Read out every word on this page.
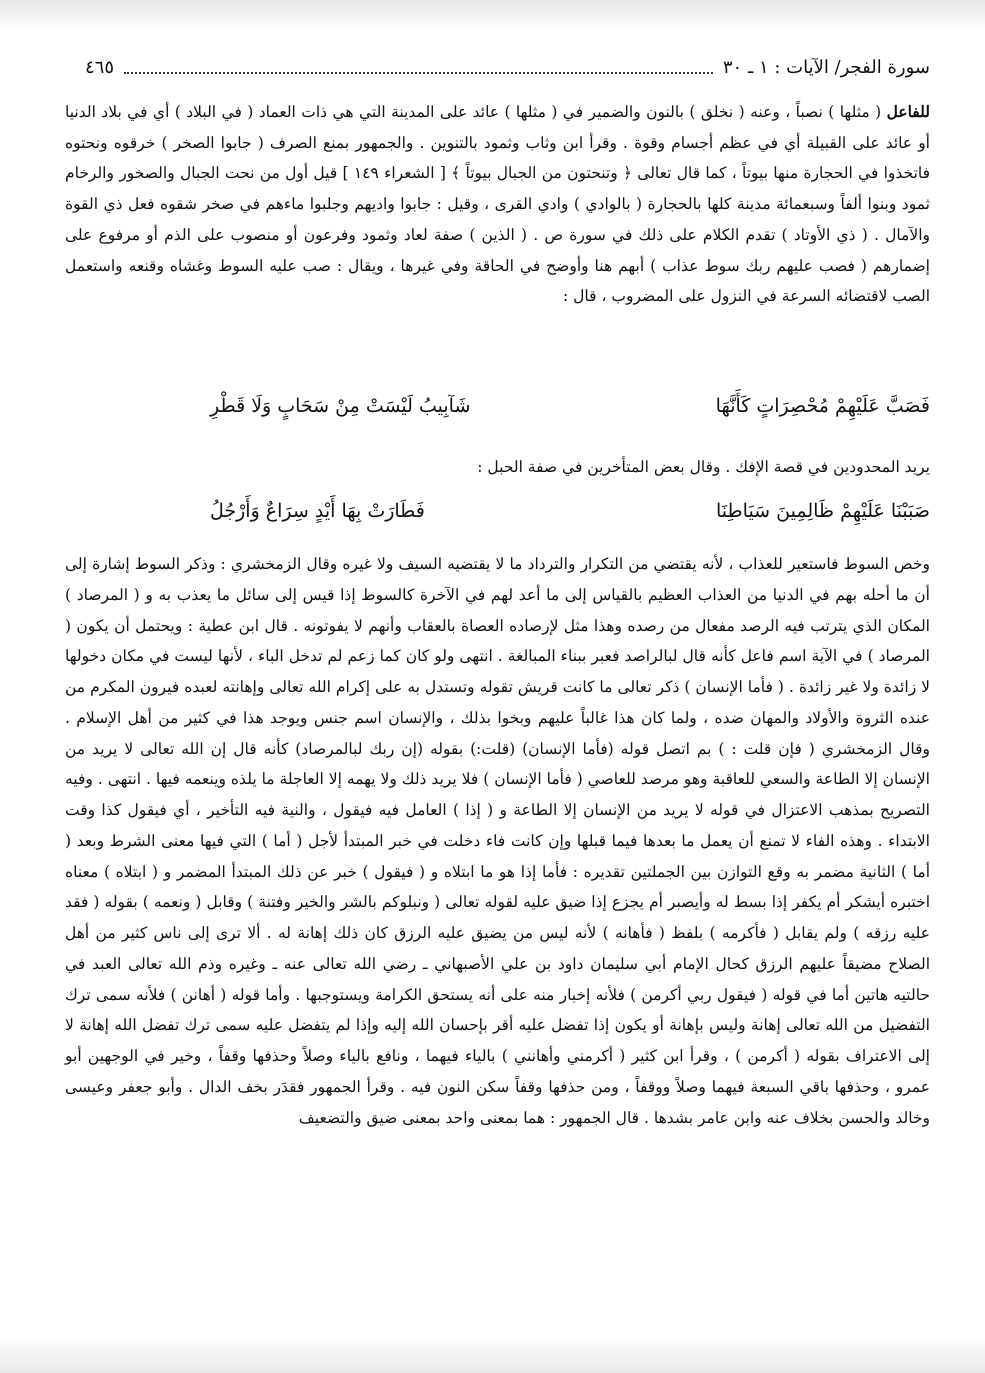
سورة الفجر/ الآيات : ١ ـ ٣٠
٤٦٥

للفاعل ( مثلها ) نصباً ، وعنه ( نخلق ) بالنون والضمير في ( مثلها ) عائد على المدينة التي هي ذات العماد ( في البلاد ) أي في بلاد الدنيا أو عائد على القبيلة أي في عظم أجسام وقوة . وقرأ ابن وثاب وثمود بالتنوين . والجمهور بمنع الصرف ( جابوا الصخر ) خرقوه ونحتوه فاتخذوا في الحجارة منها بيوتاً ، كما قال تعالى ﴿ وتنحتون من الجبال بيوتاً ﴾ [ الشعراء ١٤٩ ] قيل أول من نحت الجبال والصخور والرخام ثمود وبنوا ألفاً وسبعمائة مدينة كلها بالحجارة ( بالوادي ) وادي القرى ، وقيل : جابوا واديهم وجلبوا ماءهم في صخر شقوه فعل ذي القوة والآمال . ( ذي الأوتاد ) تقدم الكلام على ذلك في سورة ص . ( الذين ) صفة لعاد وثمود وفرعون أو منصوب على الذم أو مرفوع على إضمارهم ( فصب عليهم ربك سوط عذاب ) أبهم هنا وأوضح في الحاقة وفي غيرها ، ويقال : صب عليه السوط وغشاه وقنعه واستعمل الصب لاقتضائه السرعة في النزول على المضروب ، قال :

فَصَبَّ عَلَيْهِمْ مُحْصِرَاتٍ كَأَنَّهَا
شَآبِيبُ لَيْسَتْ مِنْ سَحَابٍ وَلَا قَطْرِ
يريد المحدودين في قصة الإفك . وقال بعض المتأخرين في صفة الحبل :
صَبَبْنَا عَلَيْهِمْ ظَالِمِينَ سَيَاطِنَا
فَطَارَتْ بِهَا أَيْدٍ سِرَاعٌ وَأَرْجُلُ

وخص السوط فاستعير للعذاب ، لأنه يقتضي من التكرار والترداد ما لا يقتضيه السيف ولا غيره وقال الزمخشري : وذكر السوط إشارة إلى أن ما أحله بهم في الدنيا من العذاب العظيم بالقياس إلى ما أعد لهم في الآخرة كالسوط إذا قيس إلى سائل ما يعذب به و ( المرصاد ) المكان الذي يترتب فيه الرصد مفعال من رصده وهذا مثل لإرصاده العصاة بالعقاب وأنهم لا يفوتونه . قال ابن عطية : ويحتمل أن يكون ( المرصاد ) في الآية اسم فاعل كأنه قال لبالراصد فعبر ببناء المبالغة . انتهى ولو كان كما زعم لم تدخل الباء ، لأنها ليست في مكان دخولها لا زائدة ولا غير زائدة . ( فأما الإنسان ) ذكر تعالى ما كانت قريش تقوله وتستدل به على إكرام الله تعالى وإهانته لعبده فيرون المكرم من عنده الثروة والأولاد والمهان ضده ، ولما كان هذا غالباً عليهم وبخوا بذلك ، والإنسان اسم جنس ويوجد هذا في كثير من أهل الإسلام . وقال الزمخشري ( فإن قلت : ) بم اتصل قوله (فأما الإنسان) (قلت:) بقوله (إن ربك لبالمرصاد) كأنه قال إن الله تعالى لا يريد من الإنسان إلا الطاعة والسعي للعاقبة وهو مرصد للعاصي ( فأما الإنسان ) فلا يريد ذلك ولا يهمه إلا العاجلة ما يلذه وينعمه فيها . انتهى . وفيه التصريح بمذهب الاعتزال في قوله لا يريد من الإنسان إلا الطاعة و ( إذا ) العامل فيه فيقول ، والنية فيه التأخير ، أي فيقول كذا وقت الابتداء . وهذه الفاء لا تمنع أن يعمل ما بعدها فيما قبلها وإن كانت فاء دخلت في خبر المبتدأ لأجل ( أما ) التي فيها معنى الشرط وبعد ( أما ) الثانية مضمر به وقع التوازن بين الجملتين تقديره : فأما إذا هو ما ابتلاه و ( فيقول ) خبر عن ذلك المبتدأ المضمر و ( ابتلاه ) معناه اختبره أيشكر أم يكفر إذا بسط له وأيصبر أم يجزع إذا ضيق عليه لقوله تعالى ( ونبلوكم بالشر والخير وفتنة ) وقابل ( ونعمه ) بقوله ( فقد عليه رزقه ) ولم يقابل ( فأكرمه ) بلفظ ( فأهانه ) لأنه ليس من يضيق عليه الرزق كان ذلك إهانة له . ألا ترى إلى ناس كثير من أهل الصلاح مضيقاً عليهم الرزق كحال الإمام أبي سليمان داود بن علي الأصبهاني ـ رضي الله تعالى عنه ـ وغيره وذم الله تعالى العبد في حالتيه هاتين أما في قوله ( فيقول ربي أكرمن ) فلأنه إخبار منه على أنه يستحق الكرامة ويستوجبها . وأما قوله ( أهانن ) فلأنه سمى ترك التفضيل من الله تعالى إهانة وليس بإهانة أو يكون إذا تفضل عليه أقر بإحسان الله إليه وإذا لم يتفضل عليه سمى ترك تفضل الله إهانة لا إلى الاعتراف بقوله ( أكرمن ) ، وقرأ ابن كثير ( أكرمني وأهانني ) بالياء فيهما ، ونافع بالياء وصلاً وحذفها وقفاً ، وخير في الوجهين أبو عمرو ، وحذفها باقي السبعة فيهما وصلاً ووقفاً ، ومن حذفها وقفاً سكن النون فيه . وقرأ الجمهور فقدَر بخف الدال . وأبو جعفر وعيسى وخالد والحسن بخلاف عنه وابن عامر بشدها . قال الجمهور : هما بمعنى واحد بمعنى ضيق والتضعيف
